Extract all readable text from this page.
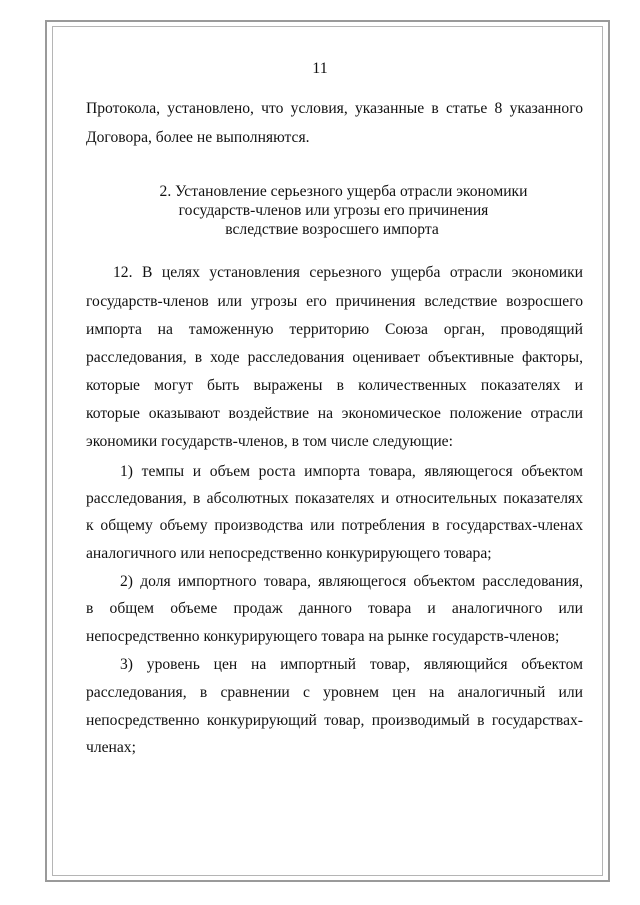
11
Протокола, установлено, что условия, указанные в статье 8 указанного
Договора, более не выполняются.
2. Установление серьезного ущерба отрасли экономики
государств-членов или угрозы его причинения
вследствие возросшего импорта
12. В целях установления серьезного ущерба отрасли экономики
государств-членов или угрозы его причинения вследствие возросшего
импорта на таможенную территорию Союза орган, проводящий
расследования, в ходе расследования оценивает объективные факторы,
которые могут быть выражены в количественных показателях и
которые оказывают воздействие на экономическое положение отрасли
экономики государств-членов, в том числе следующие:
1) темпы и объем роста импорта товара, являющегося объектом
расследования, в абсолютных показателях и относительных показателях
к общему объему производства или потребления в государствах-членах
аналогичного или непосредственно конкурирующего товара;
2) доля импортного товара, являющегося объектом расследования,
в общем объеме продаж данного товара и аналогичного или
непосредственно конкурирующего товара на рынке государств-членов;
3) уровень цен на импортный товар, являющийся объектом
расследования, в сравнении с уровнем цен на аналогичный или
непосредственно конкурирующий товар, производимый в государствах-
членах;
